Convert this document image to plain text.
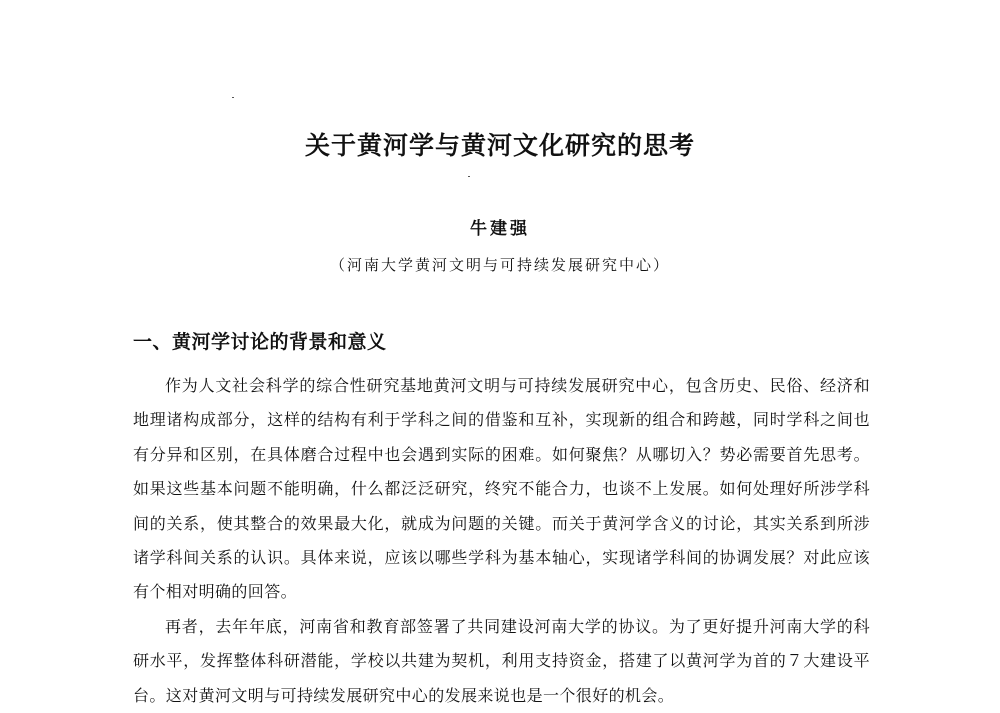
关于黄河学与黄河文化研究的思考
牛建强
（河南大学黄河文明与可持续发展研究中心）
一、黄河学讨论的背景和意义

作为人文社会科学的综合性研究基地黄河文明与可持续发展研究中心，包含历史、民俗、经济和地理诸构成部分，这样的结构有利于学科之间的借鉴和互补，实现新的组合和跨越，同时学科之间也有分异和区别，在具体磨合过程中也会遇到实际的困难。如何聚焦？从哪切入？势必需要首先思考。如果这些基本问题不能明确，什么都泛泛研究，终究不能合力，也谈不上发展。如何处理好所涉学科间的关系，使其整合的效果最大化，就成为问题的关键。而关于黄河学含义的讨论，其实关系到所涉诸学科间关系的认识。具体来说，应该以哪些学科为基本轴心，实现诸学科间的协调发展？对此应该有个相对明确的回答。

再者，去年年底，河南省和教育部签署了共同建设河南大学的协议。为了更好提升河南大学的科研水平，发挥整体科研潜能，学校以共建为契机，利用支持资金，搭建了以黄河学为首的７大建设平台。这对黄河文明与可持续发展研究中心的发展来说也是一个很好的机会。
